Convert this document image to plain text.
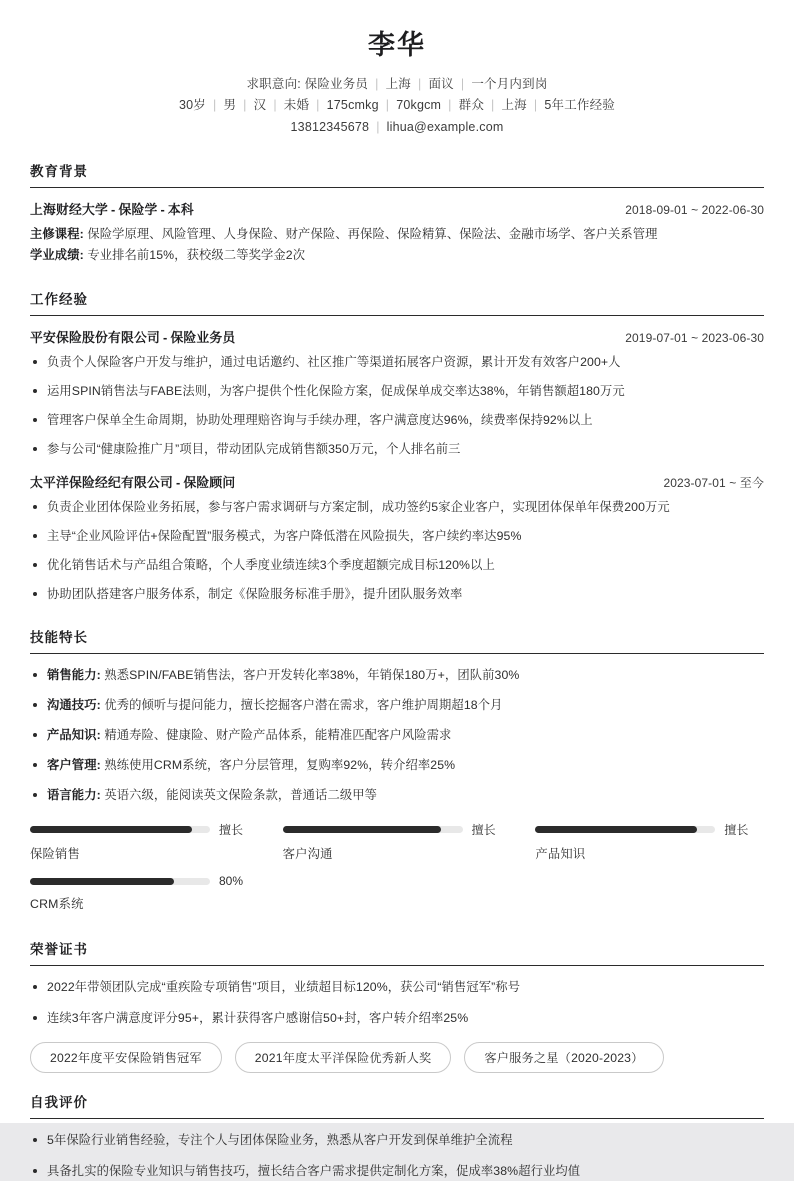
李华
求职意向: 保险业务员 | 上海 | 面议 | 一个月内到岗
30岁 | 男 | 汉 | 未婚 | 175cmkg | 70kgcm | 群众 | 上海 | 5年工作经验
13812345678 | lihua@example.com
教育背景
上海财经大学 - 保险学 - 本科	2018-09-01 ~ 2022-06-30
主修课程: 保险学原理、风险管理、人身保险、财产保险、再保险、保险精算、保险法、金融市场学、客户关系管理
学业成绩: 专业排名前15%，获校级二等奖学金2次
工作经验
平安保险股份有限公司 - 保险业务员	2019-07-01 ~ 2023-06-30
负责个人保险客户开发与维护，通过电话邀约、社区推广等渠道拓展客户资源，累计开发有效客户200+人
运用SPIN销售法与FABE法则，为客户提供个性化保险方案，促成保单成交率达38%，年销售额超180万元
管理客户保单全生命周期，协助处理理赔咨询与手续办理，客户满意度达96%，续费率保持92%以上
参与公司“健康险推广月”项目，带动团队完成销售额350万元，个人排名前三
太平洋保险经纪有限公司 - 保险顾问	2023-07-01 ~ 至今
负责企业团体保险业务拓展，参与客户需求调研与方案定制，成功签约5家企业客户，实现团体保单年保费200万元
主导“企业风险评估+保险配置”服务模式，为客户降低潜在风险损失，客户续约率达95%
优化销售话术与产品组合策略，个人季度业绩连续3个季度超额完成目标120%以上
协助团队搭建客户服务体系，制定《保险服务标准手册》，提升团队服务效率
技能特长
销售能力: 熟悉SPIN/FABE销售法，客户开发转化率38%，年销保180万+，团队前30%
沟通技巧: 优秀的倾听与提问能力，擅长挖掘客户潜在需求，客户维护周期超18个月
产品知识: 精通寿险、健康险、财产险产品体系，能精准匹配客户风险需求
客户管理: 熟练使用CRM系统，客户分层管理，复购率92%，转介绍率25%
语言能力: 英语六级，能阅读英文保险条款，普通话二级甲等
擅长
保险销售
擅长
客户沟通
擅长
产品知识
80%
CRM系统
荣誉证书
2022年带领团队完成“重疾险专项销售”项目，业绩超目标120%，获公司“销售冠军”称号
连续3年客户满意度评分95+，累计获得客户感谢信50+封，客户转介绍率25%
2022年度平安保险销售冠军	2021年度太平洋保险优秀新人奖	客户服务之星（2020-2023）
自我评价
5年保险行业销售经验，专注个人与团体保险业务，熟悉从客户开发到保单维护全流程
具备扎实的保险专业知识与销售技巧，擅长结合客户需求提供定制化方案，促成率38%超行业均值
